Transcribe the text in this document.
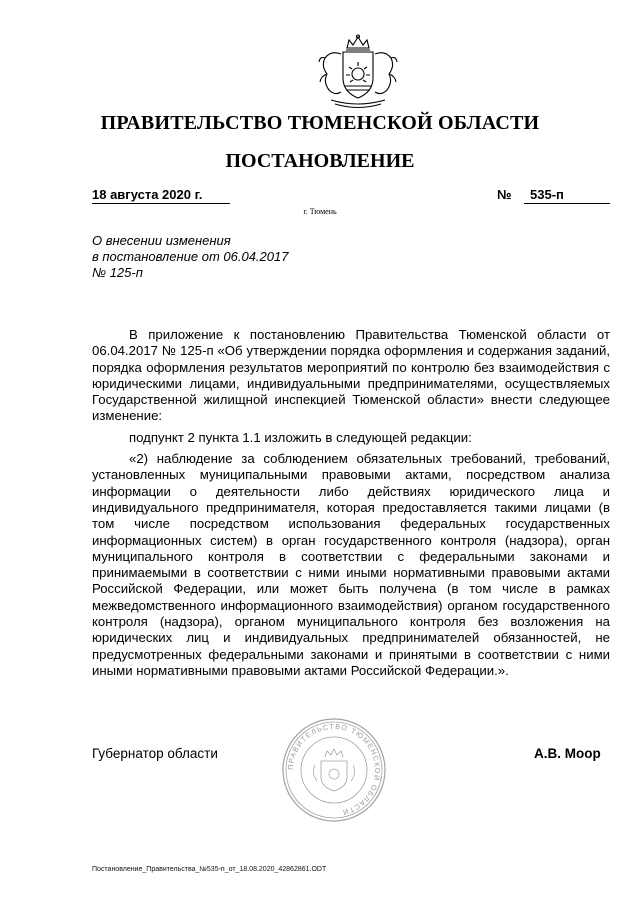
ПРАВИТЕЛЬСТВО ТЮМЕНСКОЙ ОБЛАСТИ
ПОСТАНОВЛЕНИЕ
18 августа 2020 г.	№	535-п
г. Тюмень
О внесении изменения
в постановление от 06.04.2017
№ 125-п

В приложение к постановлению Правительства Тюменской области от 06.04.2017 № 125-п «Об утверждении порядка оформления и содержания заданий, порядка оформления результатов мероприятий по контролю без взаимодействия с юридическими лицами, индивидуальными предпринимателями, осуществляемых Государственной жилищной инспекцией Тюменской области» внести следующее изменение:

подпункт 2 пункта 1.1 изложить в следующей редакции:

«2) наблюдение за соблюдением обязательных требований, требований, установленных муниципальными правовыми актами, посредством анализа информации о деятельности либо действиях юридического лица и индивидуального предпринимателя, которая предоставляется такими лицами (в том числе посредством использования федеральных государственных информационных систем) в орган государственного контроля (надзора), орган муниципального контроля в соответствии с федеральными законами и принимаемыми в соответствии с ними иными нормативными правовыми актами Российской Федерации, или может быть получена (в том числе в рамках межведомственного информационного взаимодействия) органом государственного контроля (надзора), органом муниципального контроля без возложения на юридических лиц и индивидуальных предпринимателей обязанностей, не предусмотренных федеральными законами и принятыми в соответствии с ними иными нормативными правовыми актами Российской Федерации.».

Губернатор области
ПРАВИТЕЛЬСТВО ТЮМЕНСКОЙ ОБЛАСТИ
А.В. Моор
Постановление_Правительства_№535-п_от_18.08.2020_42862861.ODT
